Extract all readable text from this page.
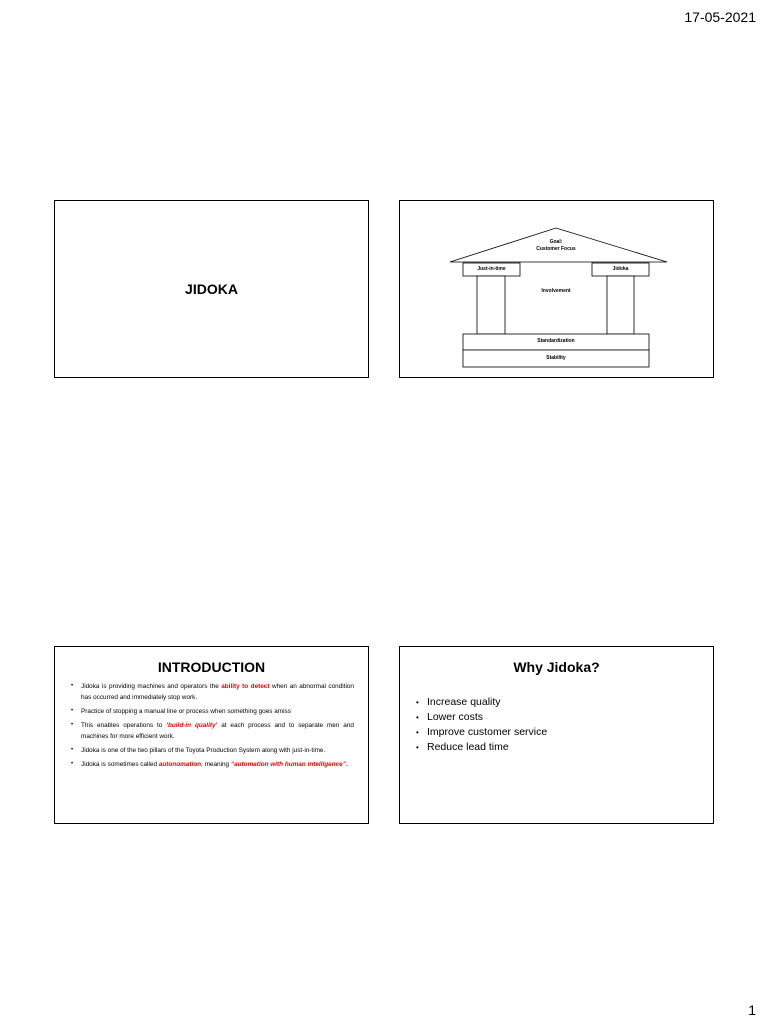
17-05-2021
JIDOKA
Goal:
Customer Focus
Just-in-time	Jidoka
Involvement
Standardization
Stability
INTRODUCTION
• Jidoka is providing machines and operators the ability to detect when an abnormal condition has occurred and immediately stop work.
• Practice of stopping a manual line or process when something goes amiss
• This enables operations to ‘build-in quality’ at each process and to separate men and machines for more efficient work.
• Jidoka is one of the two pillars of the Toyota Production System along with just-in-time.
• Jidoka is sometimes called autonomation, meaning “automation with human intelligence”.
Why Jidoka?
• Increase quality
• Lower costs
• Improve customer service
• Reduce lead time
1
